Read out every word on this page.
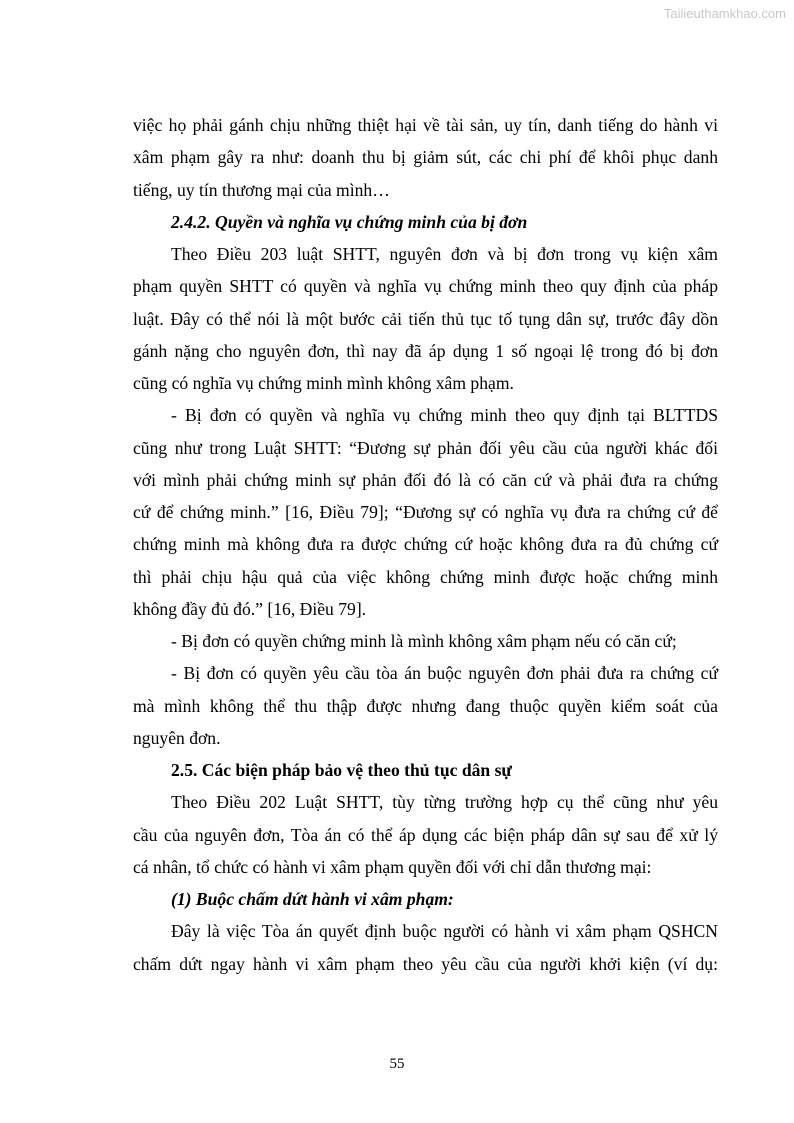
Tailieuthamkhao.com
việc họ phải gánh chịu những thiệt hại về tài sản, uy tín, danh tiếng do hành vi
xâm phạm gây ra như: doanh thu bị giảm sút, các chi phí để khôi phục danh
tiếng, uy tín thương mại của mình…
2.4.2. Quyền và nghĩa vụ chứng minh của bị đơn
Theo Điều 203 luật SHTT, nguyên đơn và bị đơn trong vụ kiện xâm
phạm quyền SHTT có quyền và nghĩa vụ chứng minh theo quy định của pháp
luật. Đây có thể nói là một bước cải tiến thủ tục tố tụng dân sự, trước đây dồn
gánh nặng cho nguyên đơn, thì nay đã áp dụng 1 số ngoại lệ trong đó bị đơn
cũng có nghĩa vụ chứng minh mình không xâm phạm.
- Bị đơn có quyền và nghĩa vụ chứng minh theo quy định tại BLTTDS
cũng như trong Luật SHTT: “Đương sự phản đối yêu cầu của người khác đối
với mình phải chứng minh sự phản đối đó là có căn cứ và phải đưa ra chứng
cứ để chứng minh.” [16, Điều 79]; “Đương sự có nghĩa vụ đưa ra chứng cứ để
chứng minh mà không đưa ra được chứng cứ hoặc không đưa ra đủ chứng cứ
thì phải chịu hậu quả của việc không chứng minh được hoặc chứng minh
không đầy đủ đó.” [16, Điều 79].
- Bị đơn có quyền chứng minh là mình không xâm phạm nếu có căn cứ;
- Bị đơn có quyền yêu cầu tòa án buộc nguyên đơn phải đưa ra chứng cứ
mà mình không thể thu thập được nhưng đang thuộc quyền kiểm soát của
nguyên đơn.
2.5. Các biện pháp bảo vệ theo thủ tục dân sự
Theo Điều 202 Luật SHTT, tùy từng trường hợp cụ thể cũng như yêu
cầu của nguyên đơn, Tòa án có thể áp dụng các biện pháp dân sự sau để xử lý
cá nhân, tổ chức có hành vi xâm phạm quyền đối với chỉ dẫn thương mại:
(1) Buộc chấm dứt hành vi xâm phạm:
Đây là việc Tòa án quyết định buộc người có hành vi xâm phạm QSHCN
chấm dứt ngay hành vi xâm phạm theo yêu cầu của người khởi kiện (ví dụ:
55
